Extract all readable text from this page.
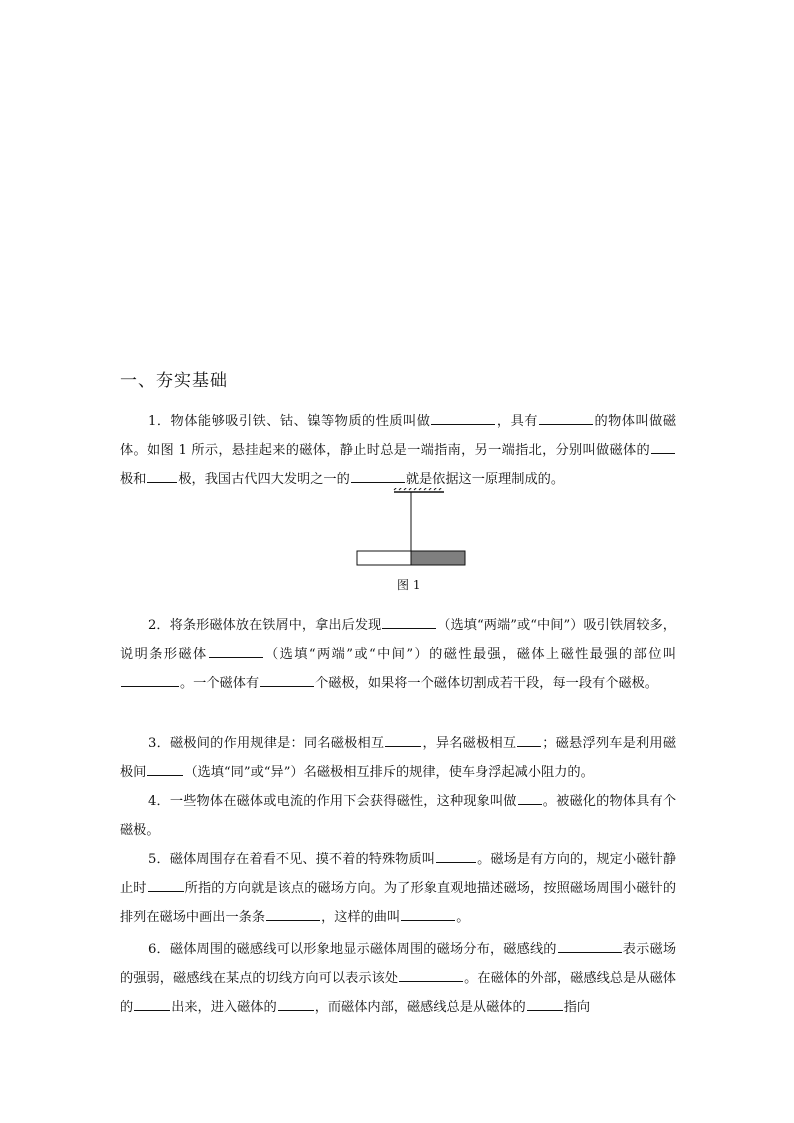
一、夯实基础
1．物体能够吸引铁、钴、镍等物质的性质叫做	，具有	的物体叫做磁体。如图 1 所示，悬挂起来的磁体，静止时总是一端指南，另一端指北，分别叫做磁体的极和 极，我国古代四大发明之一的	就是依据这一原理制成的。
图 1
2．将条形磁体放在铁屑中，拿出后发现	（选填“两端”或“中间”）吸引铁屑较多，说明条形磁体	（选填“两端”或“中间”）的磁性最强，磁体上磁性最强的部位叫。一个磁体有	个磁极，如果将一个磁体切割成若干段，每一段有个磁极。
3．磁极间的作用规律是：同名磁极相互	，异名磁极相互 ；磁悬浮列车是利用磁极间	（选填“同”或“异”）名磁极相互排斥的规律，使车身浮起减小阻力的。
4．一些物体在磁体或电流的作用下会获得磁性，这种现象叫做 。被磁化的物体具有个磁极。
5．磁体周围存在着看不见、摸不着的特殊物质叫	。磁场是有方向的，规定小磁针静止时	所指的方向就是该点的磁场方向。为了形象直观地描述磁场，按照磁场周围小磁针的排列在磁场中画出一条条	，这样的曲叫	。
6．磁体周围的磁感线可以形象地显示磁体周围的磁场分布，磁感线的	表示磁场的强弱，磁感线在某点的切线方向可以表示该处	。在磁体的外部，磁感线总是从磁体的	出来，进入磁体的	，而磁体内部，磁感线总是从磁体的	指向
